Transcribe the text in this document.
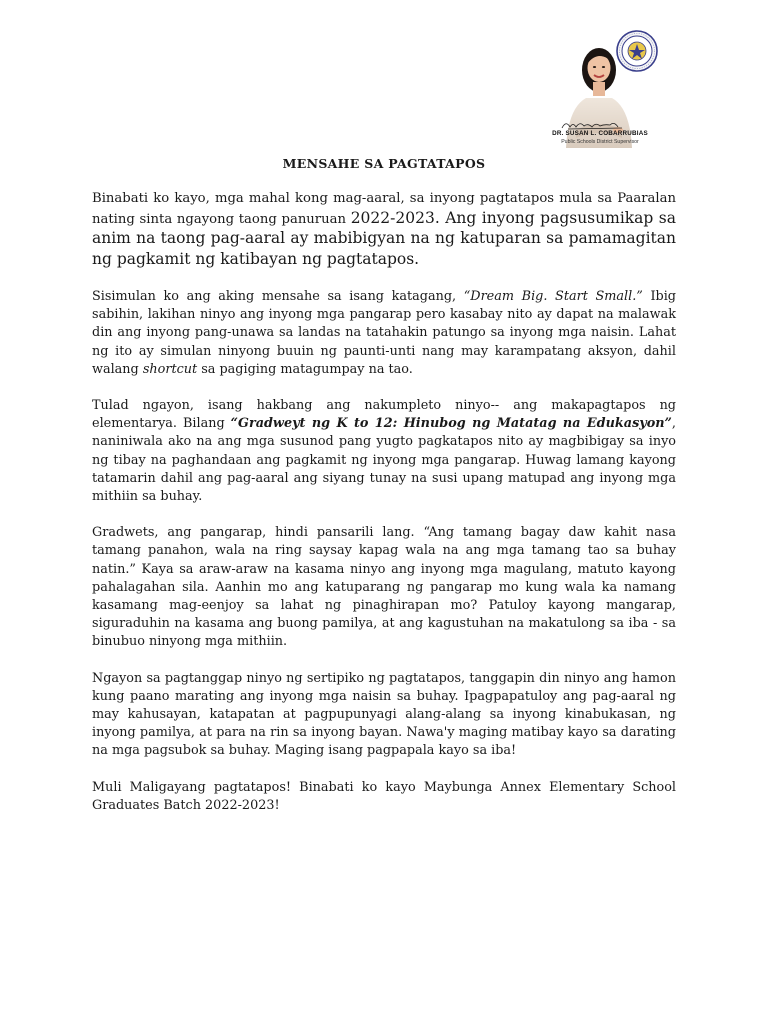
DR. SUSAN L. COBARRUBIAS
Public Schools District Supervisor
MENSAHE SA PAGTATAPOS

Binabati ko kayo, mga mahal kong mag-aaral, sa inyong pagtatapos mula sa Paaralan nating sinta ngayong taong panuruan 2022-2023. Ang inyong pagsusumikap sa anim na taong pag-aaral ay mabibigyan na ng katuparan sa pamamagitan ng pagkamit ng katibayan ng pagtatapos.

Sisimulan ko ang aking mensahe sa isang katagang, “Dream Big. Start Small.” Ibig sabihin, lakihan ninyo ang inyong mga pangarap pero kasabay nito ay dapat na malawak din ang inyong pang-unawa sa landas na tatahakin patungo sa inyong mga naisin. Lahat ng ito ay simulan ninyong buuin ng paunti-unti nang may karampatang aksyon, dahil walang shortcut sa pagiging matagumpay na tao.

Tulad ngayon, isang hakbang ang nakumpleto ninyo-- ang makapagtapos ng elementarya. Bilang “Gradweyt ng K to 12: Hinubog ng Matatag na Edukasyon”, naniniwala ako na ang mga susunod pang yugto pagkatapos nito ay magbibigay sa inyo ng tibay na paghandaan ang pagkamit ng inyong mga pangarap. Huwag lamang kayong tatamarin dahil ang pag-aaral ang siyang tunay na susi upang matupad ang inyong mga mithiin sa buhay.

Gradwets, ang pangarap, hindi pansarili lang. “Ang tamang bagay daw kahit nasa tamang panahon, wala na ring saysay kapag wala na ang mga tamang tao sa buhay natin.” Kaya sa araw-araw na kasama ninyo ang inyong mga magulang, matuto kayong pahalagahan sila. Aanhin mo ang katuparang ng pangarap mo kung wala ka namang kasamang mag-eenjoy sa lahat ng pinaghirapan mo? Patuloy kayong mangarap, siguraduhin na kasama ang buong pamilya, at ang kagustuhan na makatulong sa iba - sa binubuo ninyong mga mithiin.

Ngayon sa pagtanggap ninyo ng sertipiko ng pagtatapos, tanggapin din ninyo ang hamon kung paano marating ang inyong mga naisin sa buhay. Ipagpapatuloy ang pag-aaral ng may kahusayan, katapatan at pagpupunyagi alang-alang sa inyong kinabukasan, ng inyong pamilya, at para na rin sa inyong bayan. Nawa'y maging matibay kayo sa darating na mga pagsubok sa buhay. Maging isang pagpapala kayo sa iba!

Muli Maligayang pagtatapos! Binabati ko kayo Maybunga Annex Elementary School Graduates Batch 2022-2023!
